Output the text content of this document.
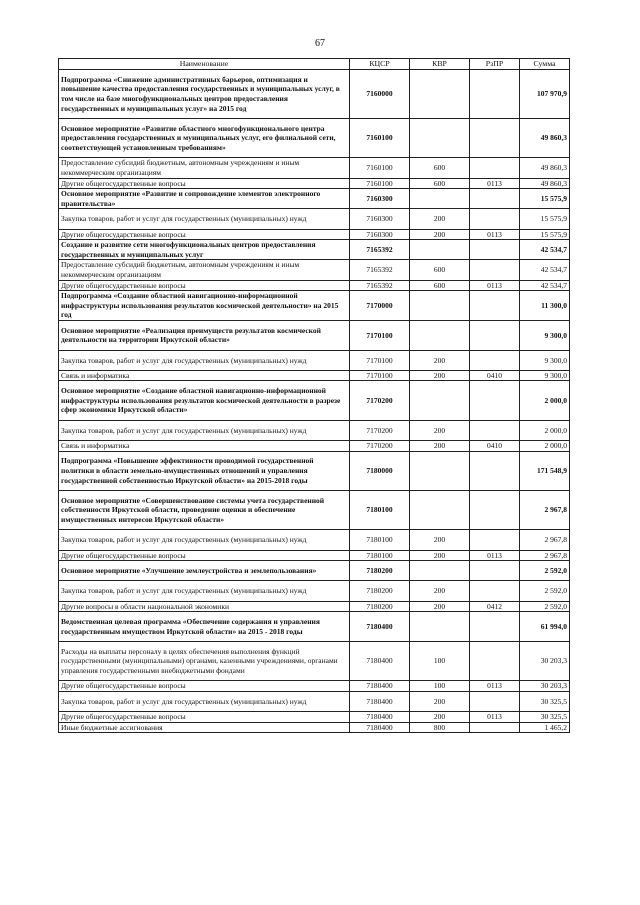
67
Наименование	КЦСР	КВР	РзПР	Сумма
Подпрограмма «Снижение административных барьеров, оптимизация и повышение качества предоставления государственных и муниципальных услуг, в том числе на базе многофункциональных центров предоставления государственных и муниципальных услуг» на 2015 год	7160000			107 970,9
Основное мероприятие «Развитие областного многофункционального центра предоставления государственных и муниципальных услуг, его филиальной сети, соответствующей установленным требованиям»	7160100			49 860,3
Предоставление субсидий бюджетным, автономным учреждениям и иным некоммерческим организациям	7160100	600		49 860,3
Другие общегосударственные вопросы	7160100	600	0113	49 860,3
Основное мероприятие «Развитие и сопровождение элементов электронного правительства»	7160300			15 575,9
Закупка товаров, работ и услуг для государственных (муниципальных) нужд	7160300	200		15 575,9
Другие общегосударственные вопросы	7160300	200	0113	15 575,9
Создание и развитие сети многофункциональных центров предоставления государственных и муниципальных услуг	7165392			42 534,7
Предоставление субсидий бюджетным, автономным учреждениям и иным некоммерческим организациям	7165392	600		42 534,7
Другие общегосударственные вопросы	7165392	600	0113	42 534,7
Подпрограмма «Создание областной навигационно-информационной инфраструктуры использования результатов космической деятельности» на 2015 год	7170000			11 300,0
Основное мероприятие «Реализация преимуществ результатов космической деятельности на территории Иркутской области»	7170100			9 300,0
Закупка товаров, работ и услуг для государственных (муниципальных) нужд	7170100	200		9 300,0
Связь и информатика	7170100	200	0410	9 300,0
Основное мероприятие «Создание областной навигационно-информационной инфраструктуры использования результатов космической деятельности в разрезе сфер экономики Иркутской области»	7170200			2 000,0
Закупка товаров, работ и услуг для государственных (муниципальных) нужд	7170200	200		2 000,0
Связь и информатика	7170200	200	0410	2 000,0
Подпрограмма «Повышение эффективности проводимой государственной политики в области земельно-имущественных отношений и управления государственной собственностью Иркутской области» на 2015-2018 годы	7180000			171 548,9
Основное мероприятие «Совершенствование системы учета государственной собственности Иркутской области, проведение оценки и обеспечение имущественных интересов Иркутской области»	7180100			2 967,8
Закупка товаров, работ и услуг для государственных (муниципальных) нужд	7180100	200		2 967,8
Другие общегосударственные вопросы	7180100	200	0113	2 967,8
Основное мероприятие «Улучшение землеустройства и землепользования»	7180200			2 592,0
Закупка товаров, работ и услуг для государственных (муниципальных) нужд	7180200	200		2 592,0
Другие вопросы в области национальной экономики	7180200	200	0412	2 592,0
Ведомственная целевая программа «Обеспечение содержания и управления государственным имуществом Иркутской области» на 2015 - 2018 годы	7180400			61 994,0
Расходы на выплаты персоналу в целях обеспечения выполнения функций государственными (муниципальными) органами, казенными учреждениями, органами управления государственными внебюджетными фондами	7180400	100		30 203,3
Другие общегосударственные вопросы	7180400	100	0113	30 203,3
Закупка товаров, работ и услуг для государственных (муниципальных) нужд	7180400	200		30 325,5
Другие общегосударственные вопросы	7180400	200	0113	30 325,5
Иные бюджетные ассигнования	7180400	800		1 465,2
